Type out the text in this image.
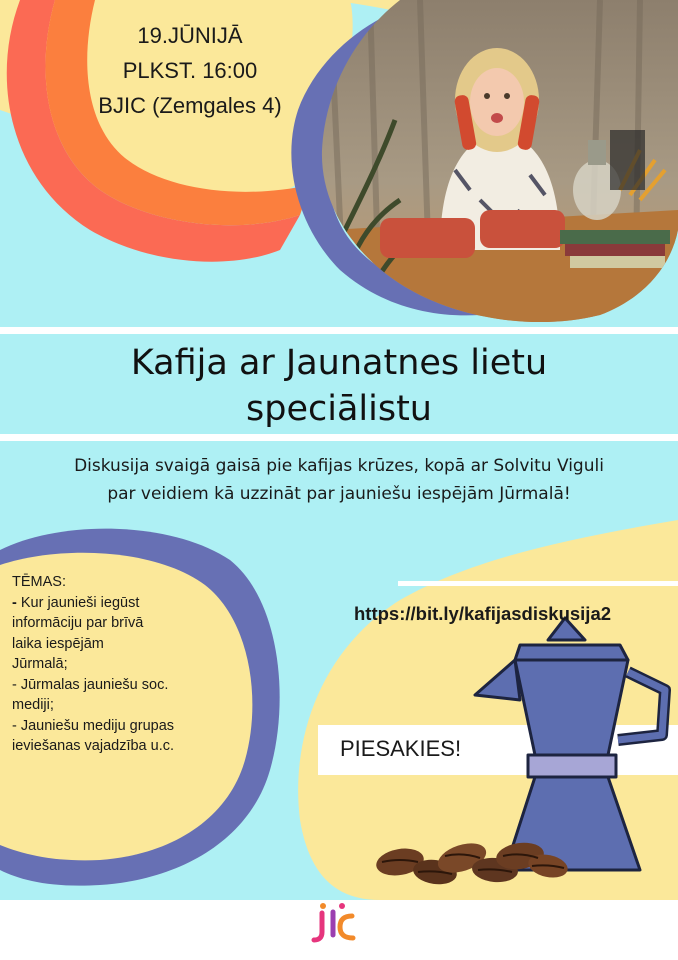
19.JŪNIJĀ
PLKST. 16:00
BJIC (Zemgales 4)
Kafija ar Jaunatnes lietu
speciālistu
Diskusija svaigā gaisā pie kafijas krūzes, kopā ar Solvitu Viguli
par veidiem kā uzzināt par jauniešu iespējām Jūrmalā!

TĒMAS:

- Kur jaunieši iegūst

informāciju par brīvā

laika iespējām

Jūrmalā;

- Jūrmalas jauniešu soc.

mediji;

- Jauniešu mediju grupas

ieviešanas vajadzība u.c.

https://bit.ly/kafijasdiskusija2
PIESAKIES!
